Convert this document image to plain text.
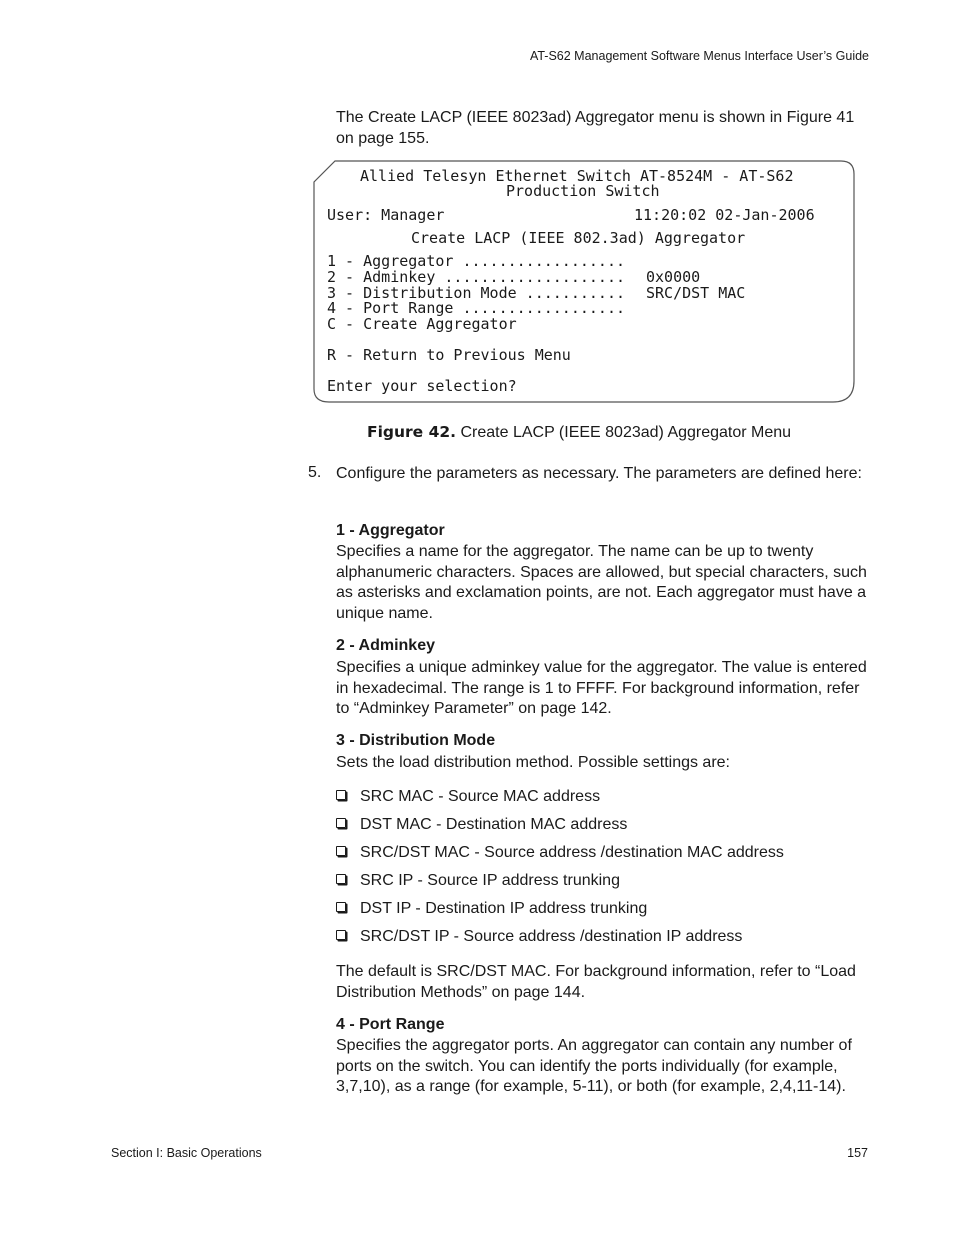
AT-S62 Management Software Menus Interface User’s Guide
The Create LACP (IEEE 8023ad) Aggregator menu is shown in Figure 41 on page 155.
Allied Telesyn Ethernet Switch AT-8524M - AT-S62
Production Switch
User: Manager	11:20:02 02-Jan-2006
Create LACP (IEEE 802.3ad) Aggregator
1 - Aggregator ..................
2 - Adminkey .................... 0x0000
3 - Distribution Mode ........... SRC/DST MAC
4 - Port Range ..................
C - Create Aggregator
R - Return to Previous Menu
Enter your selection?
Figure 42. Create LACP (IEEE 8023ad) Aggregator Menu
5. Configure the parameters as necessary. The parameters are defined here:
1 - Aggregator
Specifies a name for the aggregator. The name can be up to twenty alphanumeric characters. Spaces are allowed, but special characters, such as asterisks and exclamation points, are not. Each aggregator must have a unique name.
2 - Adminkey
Specifies a unique adminkey value for the aggregator. The value is entered in hexadecimal. The range is 1 to FFFF. For background information, refer to “Adminkey Parameter” on page 142.
3 - Distribution Mode
Sets the load distribution method. Possible settings are:
SRC MAC - Source MAC address
DST MAC - Destination MAC address
SRC/DST MAC - Source address /destination MAC address
SRC IP - Source IP address trunking
DST IP - Destination IP address trunking
SRC/DST IP - Source address /destination IP address
The default is SRC/DST MAC. For background information, refer to “Load Distribution Methods” on page 144.
4 - Port Range
Specifies the aggregator ports. An aggregator can contain any number of ports on the switch. You can identify the ports individually (for example, 3,7,10), as a range (for example, 5-11), or both (for example, 2,4,11-14).
Section I: Basic Operations	157
